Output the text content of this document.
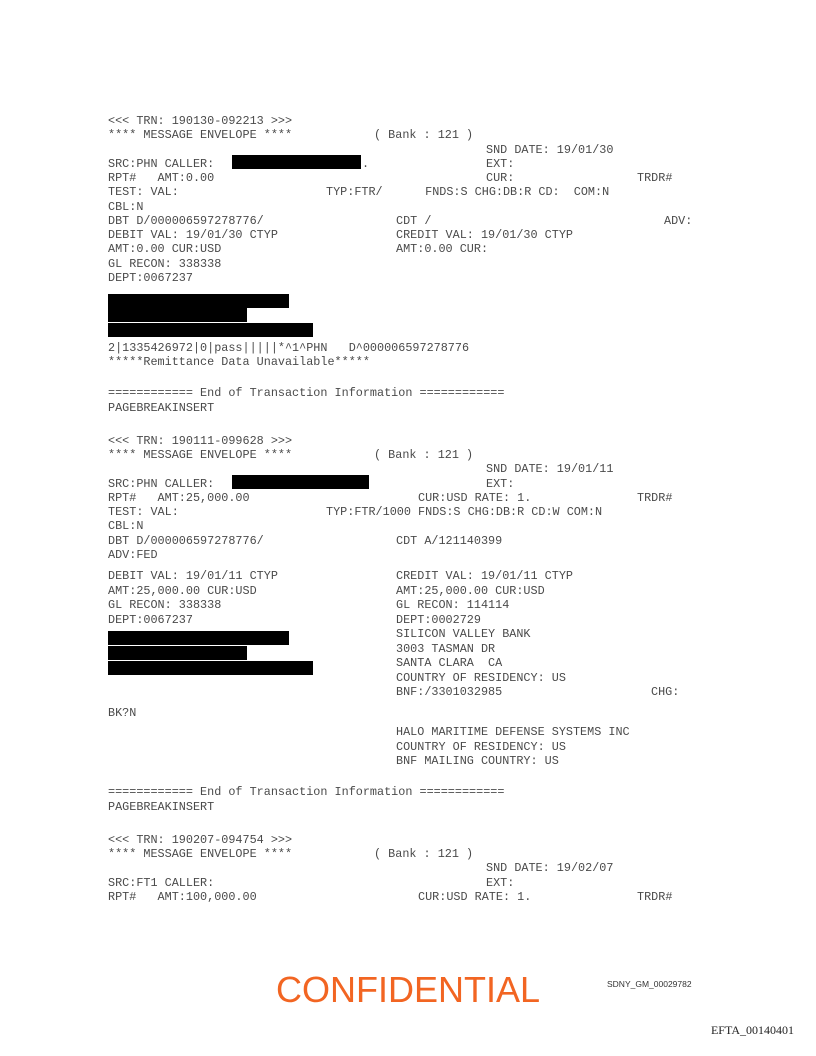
<<< TRN: 190130-092213 >>>
**** MESSAGE ENVELOPE ****	( Bank : 121 )
SND DATE: 19/01/30
SRC:PHN CALLER:	.	EXT:
RPT#   AMT:0.00	CUR:	TRDR#
TEST: VAL:	TYP:FTR/      FNDS:S CHG:DB:R CD:  COM:N
CBL:N
DBT D/000006597278776/	CDT /	ADV:
DEBIT VAL: 19/01/30 CTYP	CREDIT VAL: 19/01/30 CTYP
AMT:0.00 CUR:USD	AMT:0.00 CUR:
GL RECON: 338338
DEPT:0067237
2|1335426972|0|pass|||||*^1^PHN   D^000006597278776
*****Remittance Data Unavailable*****
============ End of Transaction Information ============
PAGEBREAKINSERT
<<< TRN: 190111-099628 >>>
**** MESSAGE ENVELOPE ****	( Bank : 121 )
SND DATE: 19/01/11
SRC:PHN CALLER:	EXT:
RPT#   AMT:25,000.00	CUR:USD RATE: 1.	TRDR#
TEST: VAL:	TYP:FTR/1000 FNDS:S CHG:DB:R CD:W COM:N
CBL:N
DBT D/000006597278776/	CDT A/121140399
ADV:FED
DEBIT VAL: 19/01/11 CTYP	CREDIT VAL: 19/01/11 CTYP
AMT:25,000.00 CUR:USD	AMT:25,000.00 CUR:USD
GL RECON: 338338	GL RECON: 114114
DEPT:0067237	DEPT:0002729
SILICON VALLEY BANK
3003 TASMAN DR
SANTA CLARA  CA
COUNTRY OF RESIDENCY: US
BNF:/3301032985	CHG:
BK?N
HALO MARITIME DEFENSE SYSTEMS INC
COUNTRY OF RESIDENCY: US
BNF MAILING COUNTRY: US
============ End of Transaction Information ============
PAGEBREAKINSERT
<<< TRN: 190207-094754 >>>
**** MESSAGE ENVELOPE ****	( Bank : 121 )
SND DATE: 19/02/07
SRC:FT1 CALLER:	EXT:
RPT#   AMT:100,000.00	CUR:USD RATE: 1.	TRDR#
CONFIDENTIAL	SDNY_GM_00029782
EFTA_00140401
